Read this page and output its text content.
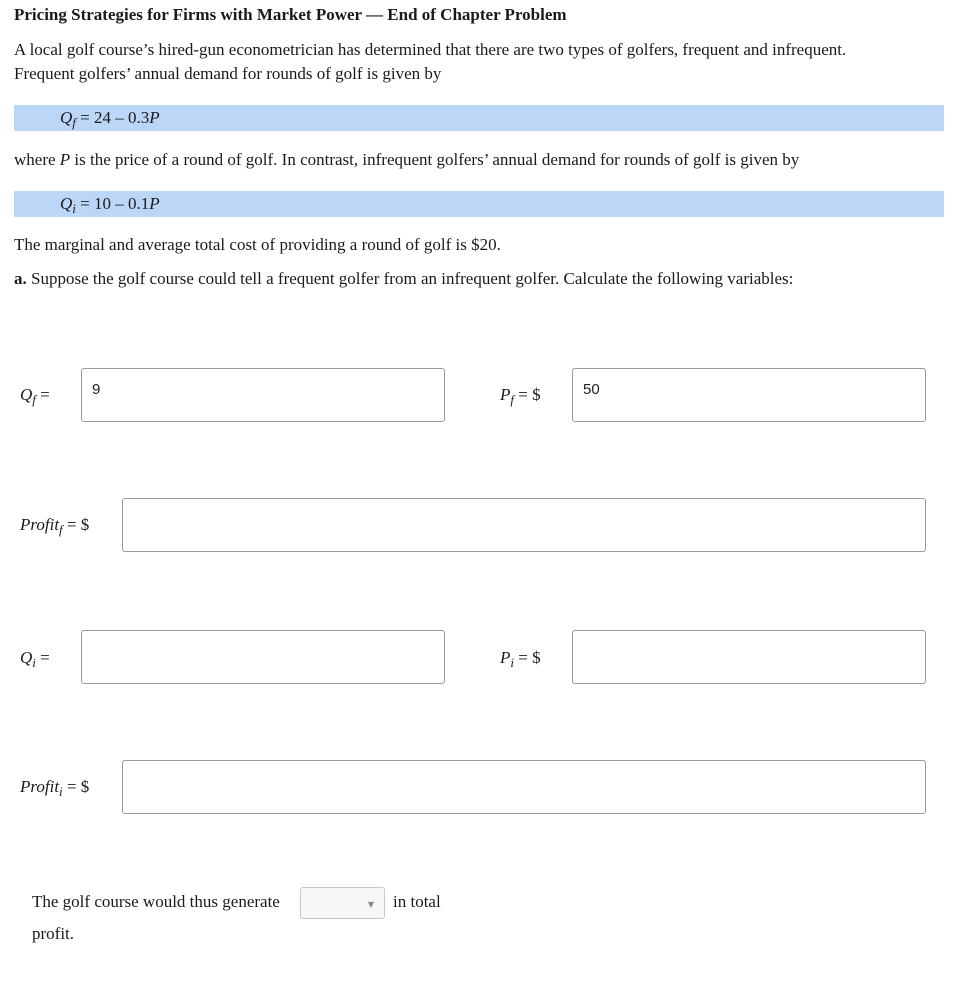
Pricing Strategies for Firms with Market Power — End of Chapter Problem
A local golf course’s hired-gun econometrician has determined that there are two types of golfers, frequent and infrequent.
Frequent golfers’ annual demand for rounds of golf is given by
$Q_f = 24 - 0.3P$
where P is the price of a round of golf. In contrast, infrequent golfers’ annual demand for rounds of golf is given by
$Q_i = 10 - 0.1P$
The marginal and average total cost of providing a round of golf is $20.
a. Suppose the golf course could tell a frequent golfer from an infrequent golfer. Calculate the following variables:
$Q_f$ =	9	$P_f$ = $	50
Profit$_f$ = $
$Q_i$ =	$P_i$ = $
Profit$_i$ = $
The golf course would thus generate	▼ in total
profit.
